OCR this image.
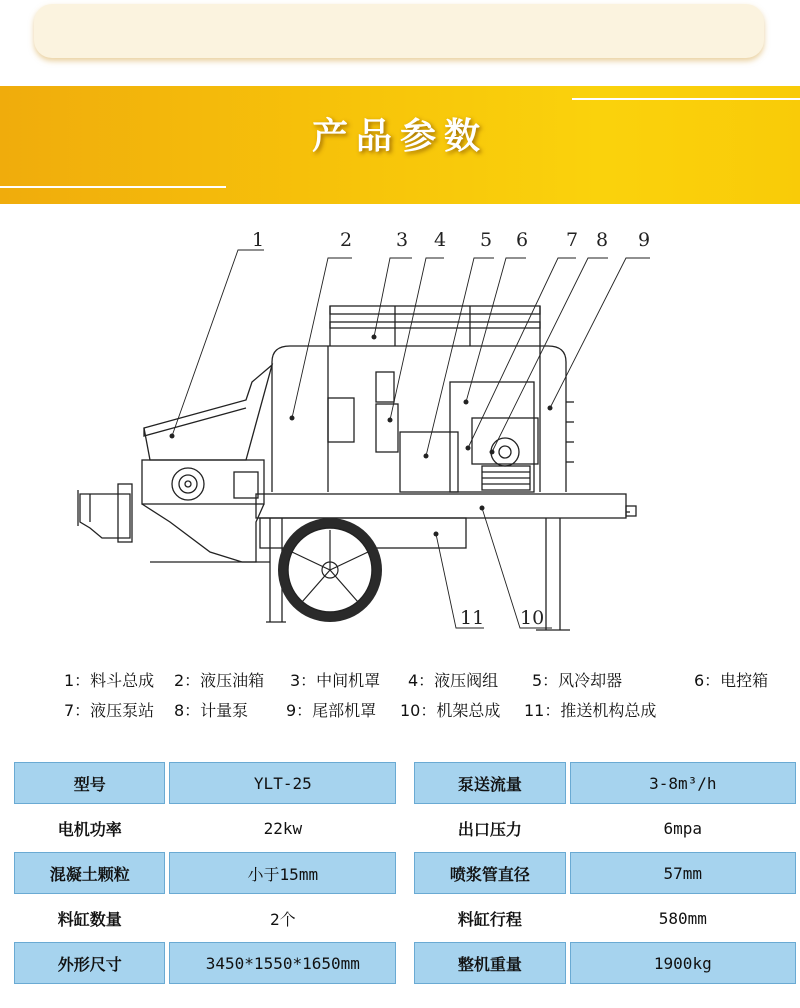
产品参数
1	2 3 4 5 6 7 8 9
10
11
1：料斗总成 2：液压油箱 3：中间机罩 4：液压阀组 5：风冷却器	6：电控箱
7：液压泵站 8：计量泵 9：尾部机罩 10：机架总成 11：推送机构总成
型号	YLT-25		泵送流量	3-8m³/h
电机功率	22kw		出口压力	6mpa
混凝土颗粒	小于15mm		喷浆管直径	57mm
料缸数量	2个		料缸行程	580mm
外形尺寸	3450*1550*1650mm		整机重量	1900kg
